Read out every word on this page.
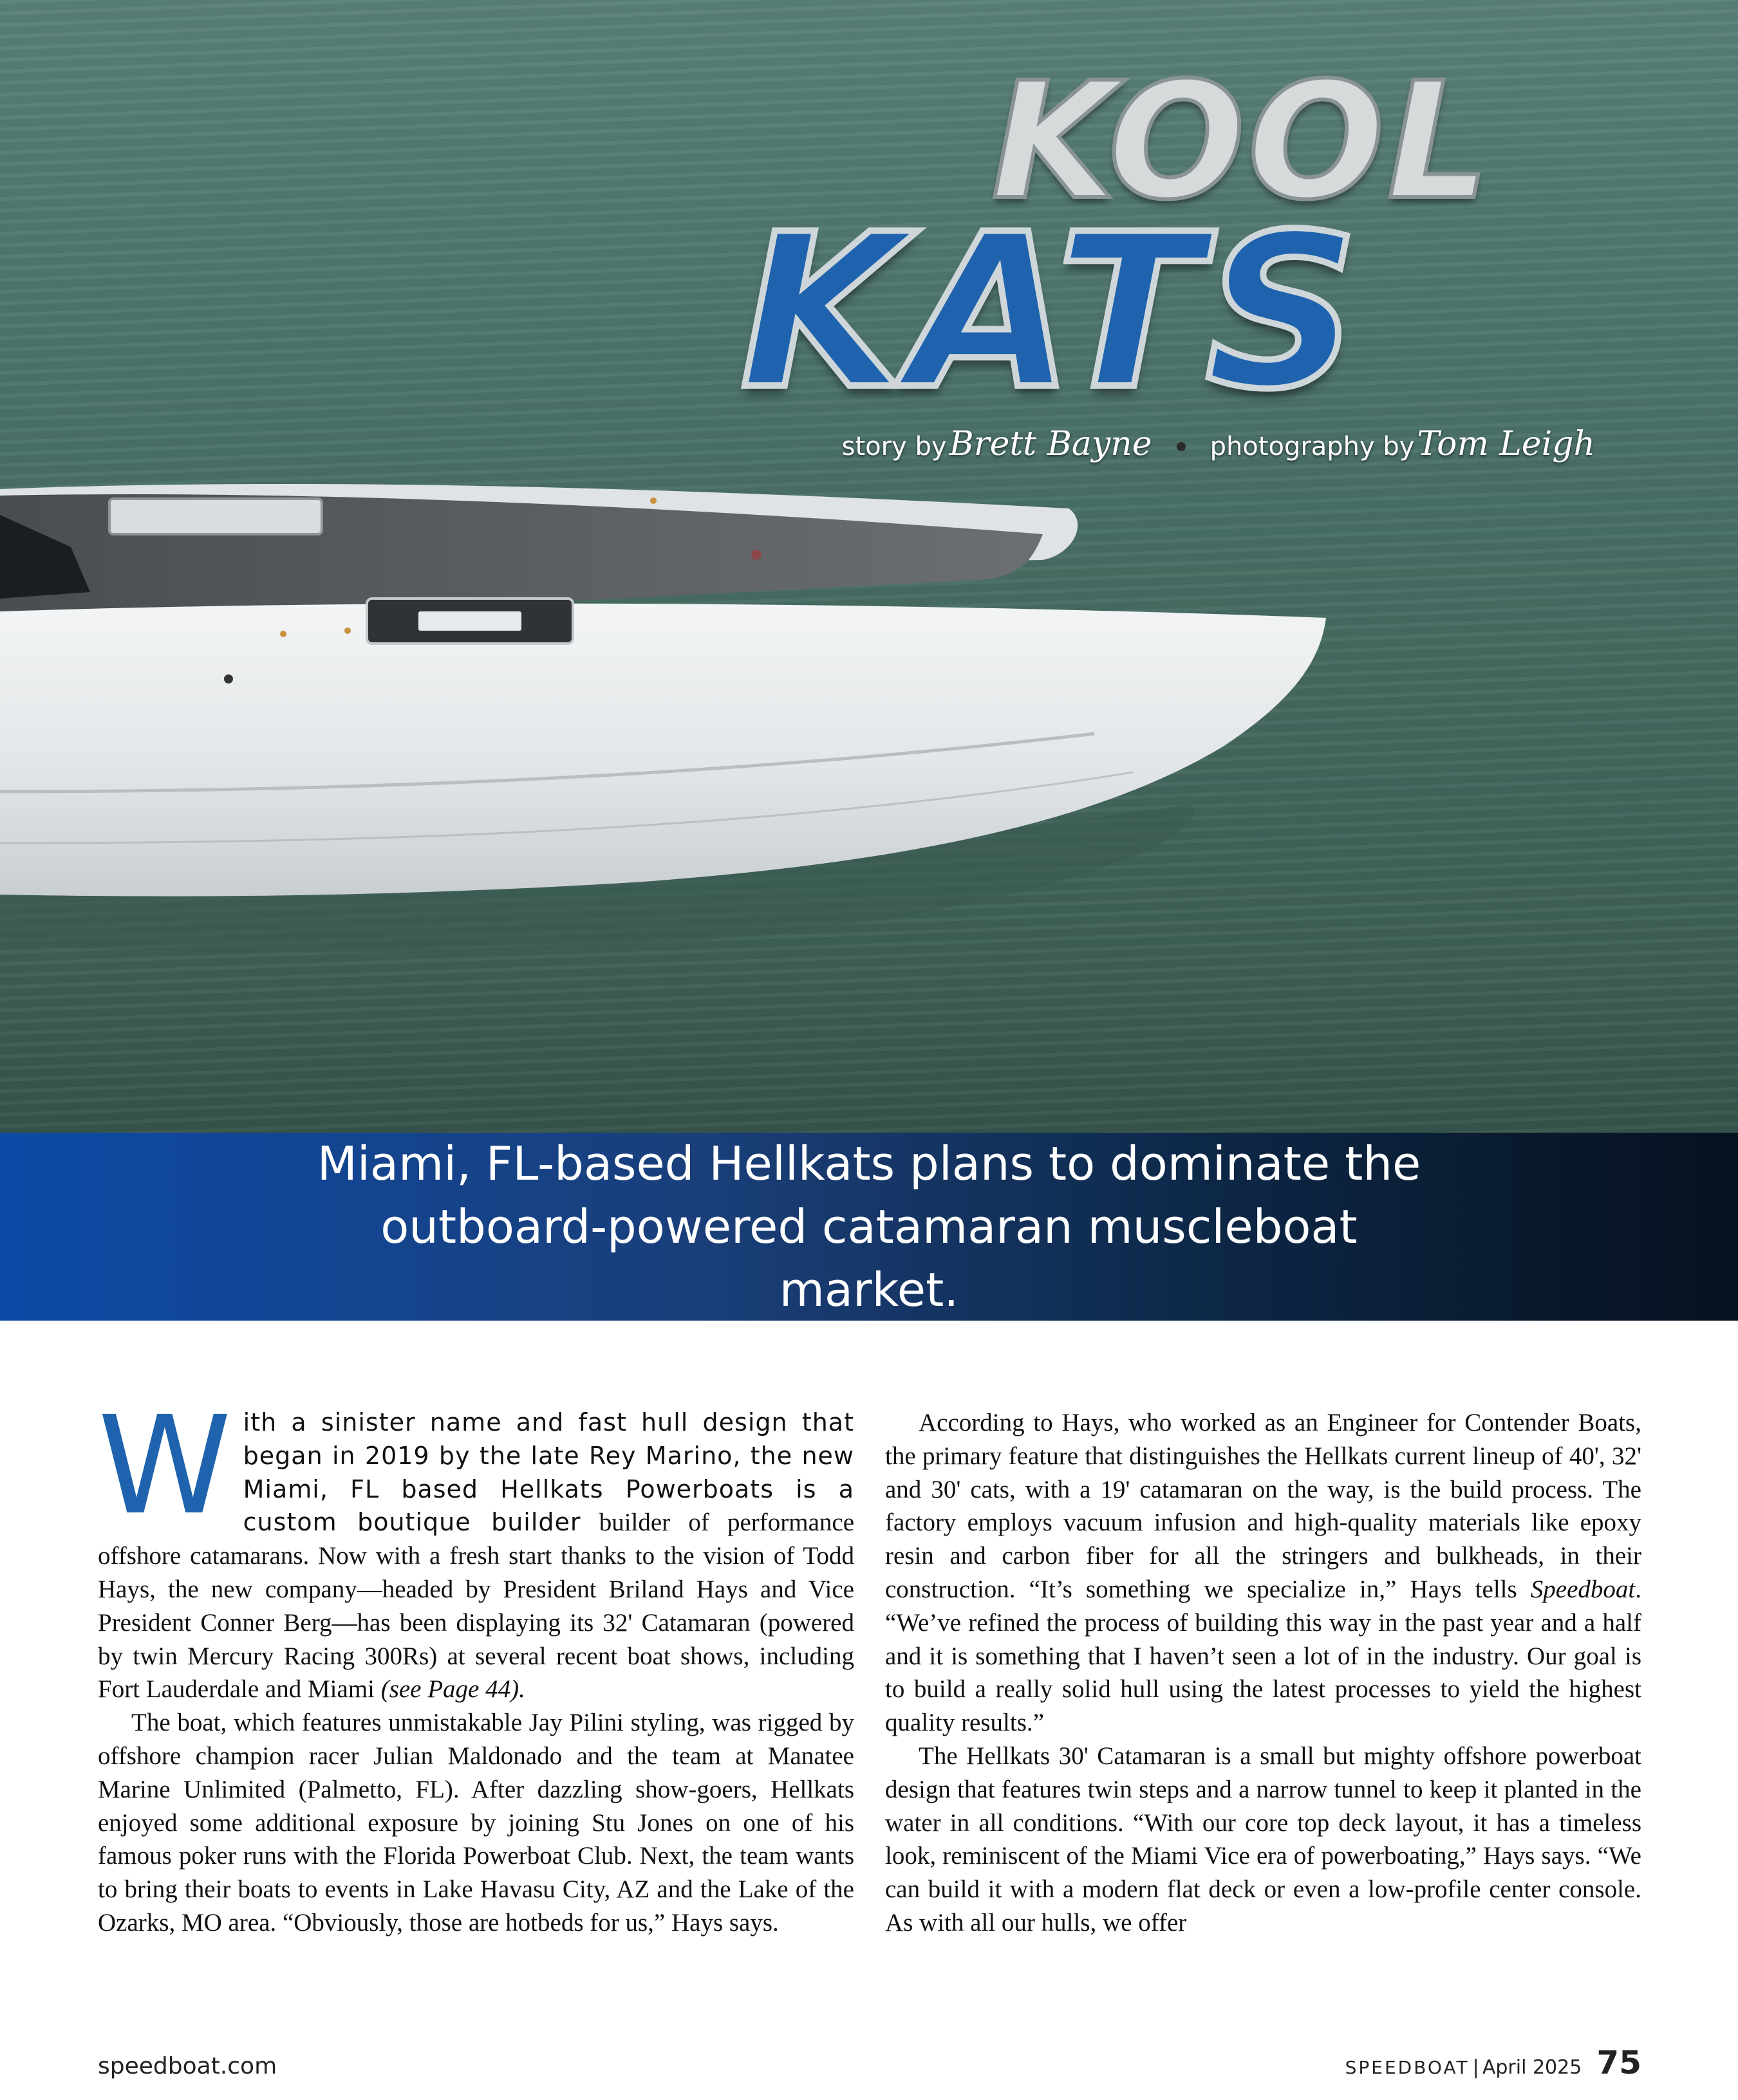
KOOL
KATS
story by Brett Bayne photography by Tom Leigh
Miami, FL-based Hellkats plans to dominate the outboard-powered catamaran muscleboat market.

With a sinister name and fast hull design that began in 2019 by the late Rey Marino, the new Miami, FL based Hellkats Powerboats is a custom boutique builder builder of performance offshore catamarans. Now with a fresh start thanks to the vision of Todd Hays, the new company—headed by President Briland Hays and Vice President Conner Berg—has been displaying its 32' Catamaran (powered by twin Mercury Racing 300Rs) at several recent boat shows, including Fort Lauderdale and Miami (see Page 44).

The boat, which features unmistakable Jay Pilini styling, was rigged by offshore champion racer Julian Maldonado and the team at Manatee Marine Unlimited (Palmetto, FL). After dazzling show-goers, Hellkats enjoyed some additional exposure by joining Stu Jones on one of his famous poker runs with the Florida Powerboat Club. Next, the team wants to bring their boats to events in Lake Havasu City, AZ and the Lake of the Ozarks, MO area. “Obviously, those are hotbeds for us,” Hays says.

According to Hays, who worked as an Engineer for Contender Boats, the primary feature that distinguishes the Hellkats current lineup of 40', 32' and 30' cats, with a 19' catamaran on the way, is the build process. The factory employs vacuum infusion and high-quality materials like epoxy resin and carbon fiber for all the stringers and bulkheads, in their construction. “It’s something we specialize in,” Hays tells Speedboat. “We’ve refined the process of building this way in the past year and a half and it is something that I haven’t seen a lot of in the industry. Our goal is to build a really solid hull using the latest processes to yield the highest quality results.”

The Hellkats 30' Catamaran is a small but mighty offshore powerboat design that features twin steps and a narrow tunnel to keep it planted in the water in all conditions. “With our core top deck layout, it has a timeless look, reminiscent of the Miami Vice era of powerboating,” Hays says. “We can build it with a modern flat deck or even a low-profile center console. As with all our hulls, we offer

speedboat.com	SPEEDBOAT | April 2025 75
